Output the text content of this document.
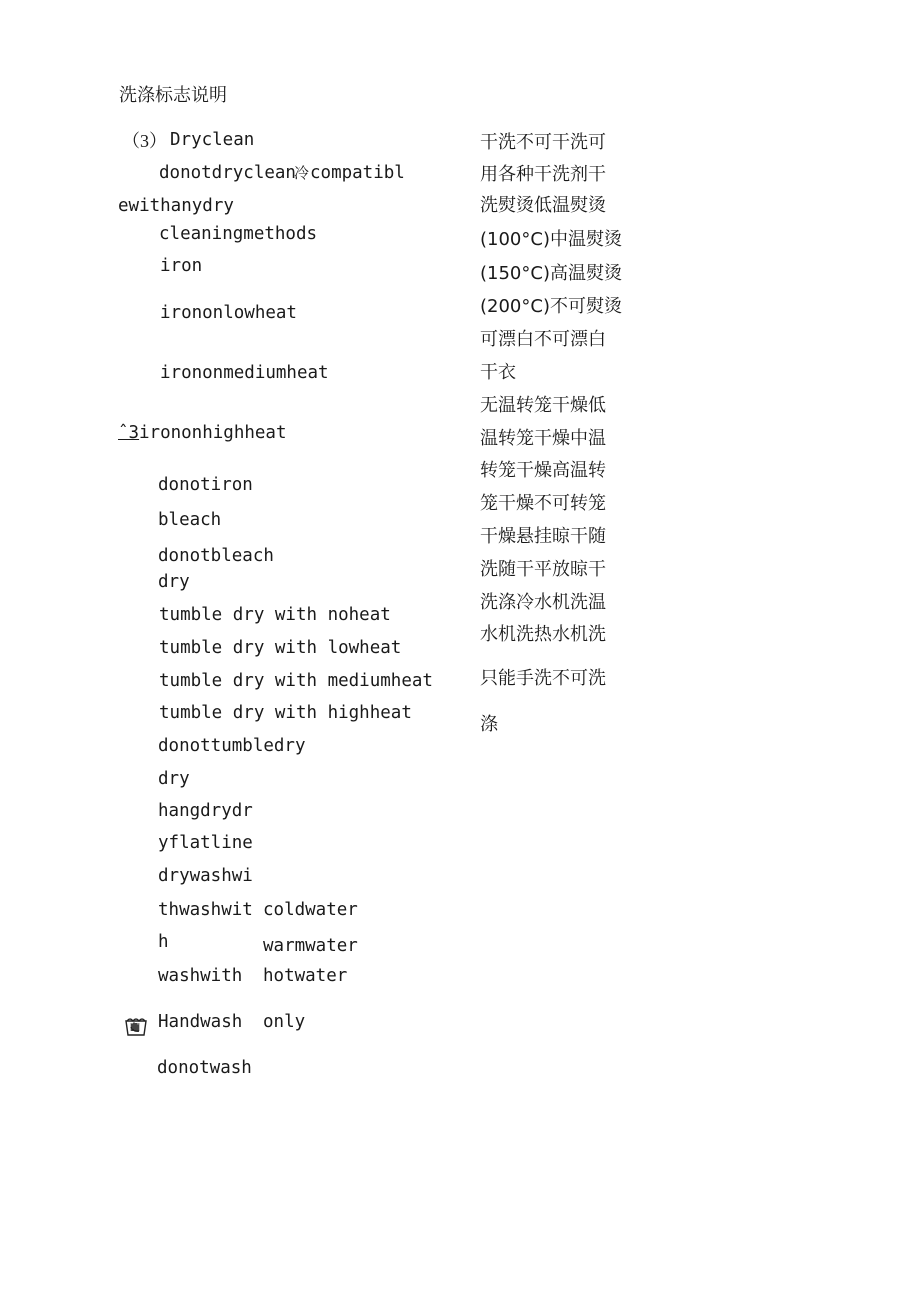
洗涤标志说明
（3） Dryclean
donotdryclean
冷 compatibl
ewithanydry
cleaningmethods
iron
irononlowheat
irononmediumheat
ˆ3 irononhighheat
donotiron
bleach
donotbleach
dry
tumble dry with noheat
tumble dry with lowheat
tumble dry with mediumheat
tumble dry with highheat
donottumbledry
dry
hangdrydr
yflatline
drywashwi
thwashwit coldwater
h	warmwater
washwith hotwater
Handwash only
donotwash
干洗不可干洗可
用各种干洗剂干
洗熨烫低温熨烫
(100°C)中温熨烫
(150°C)高温熨烫
(200°C)不可熨烫
可漂白不可漂白
干衣
无温转笼干燥低
温转笼干燥中温
转笼干燥高温转
笼干燥不可转笼
干燥悬挂晾干随
洗随干平放晾干
洗涤冷水机洗温
水机洗热水机洗
只能手洗不可洗
涤
